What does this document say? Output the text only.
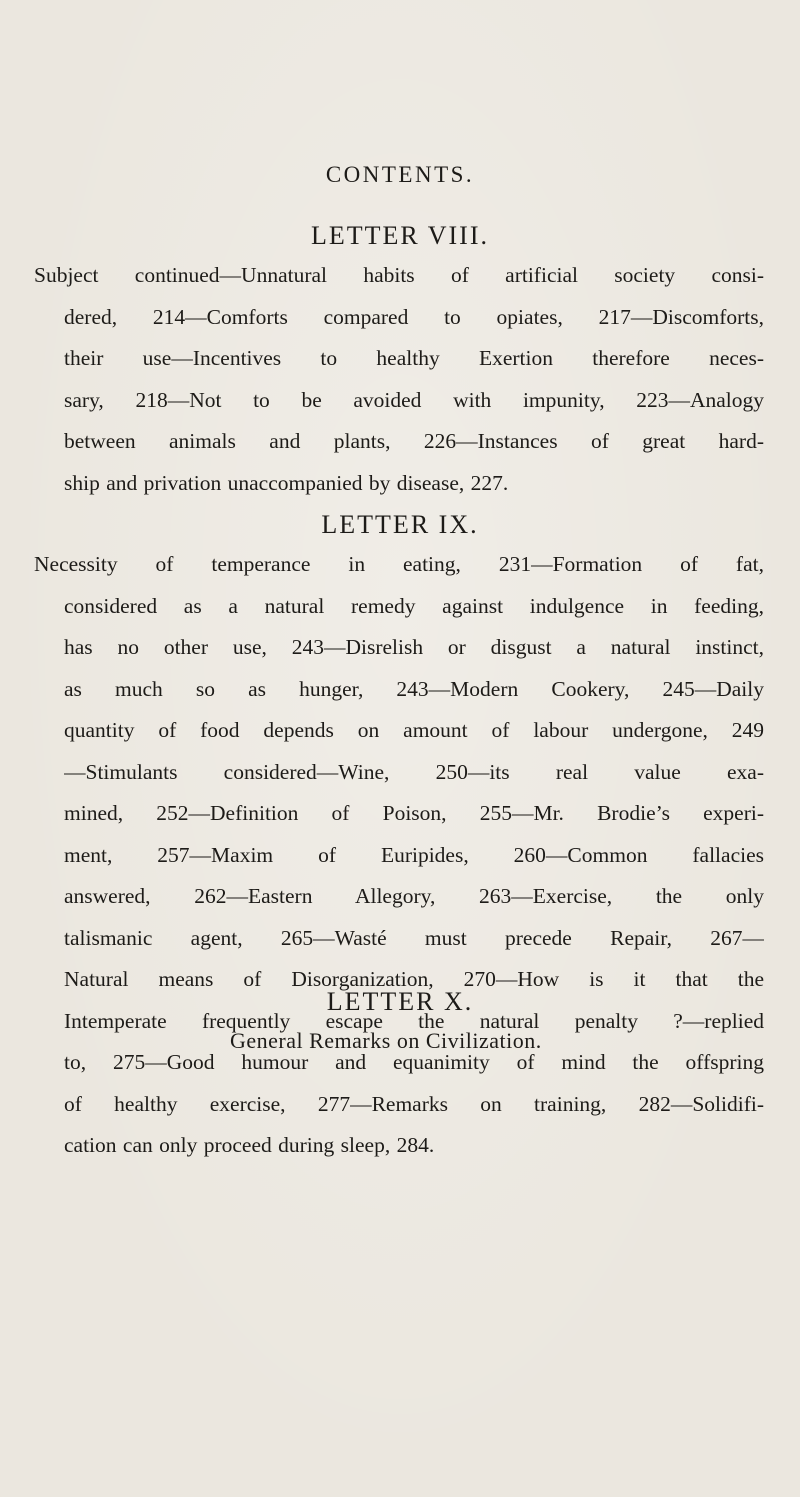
CONTENTS.
LETTER VIII.
Subject continued—Unnatural habits of artificial society consi-
dered, 214—Comforts compared to opiates, 217—Discomforts,
their use—Incentives to healthy Exertion therefore neces-
sary, 218—Not to be avoided with impunity, 223—Analogy
between animals and plants, 226—Instances of great hard-
ship and privation unaccompanied by disease, 227.
LETTER IX.
Necessity of temperance in eating, 231—Formation of fat,
considered as a natural remedy against indulgence in feeding,
has no other use, 243—Disrelish or disgust a natural instinct,
as much so as hunger, 243—Modern Cookery, 245—Daily
quantity of food depends on amount of labour undergone, 249
—Stimulants considered—Wine, 250—its real value exa-
mined, 252—Definition of Poison, 255—Mr. Brodie’s experi-
ment, 257—Maxim of Euripides, 260—Common fallacies
answered, 262—Eastern Allegory, 263—Exercise, the only
talismanic agent, 265—Wasté must precede Repair, 267—
Natural means of Disorganization, 270—How is it that the
Intemperate frequently escape the natural penalty ?—replied
to, 275—Good humour and equanimity of mind the offspring
of healthy exercise, 277—Remarks on training, 282—Solidifi-
cation can only proceed during sleep, 284.
LETTER X.

General Remarks on Civilization.
